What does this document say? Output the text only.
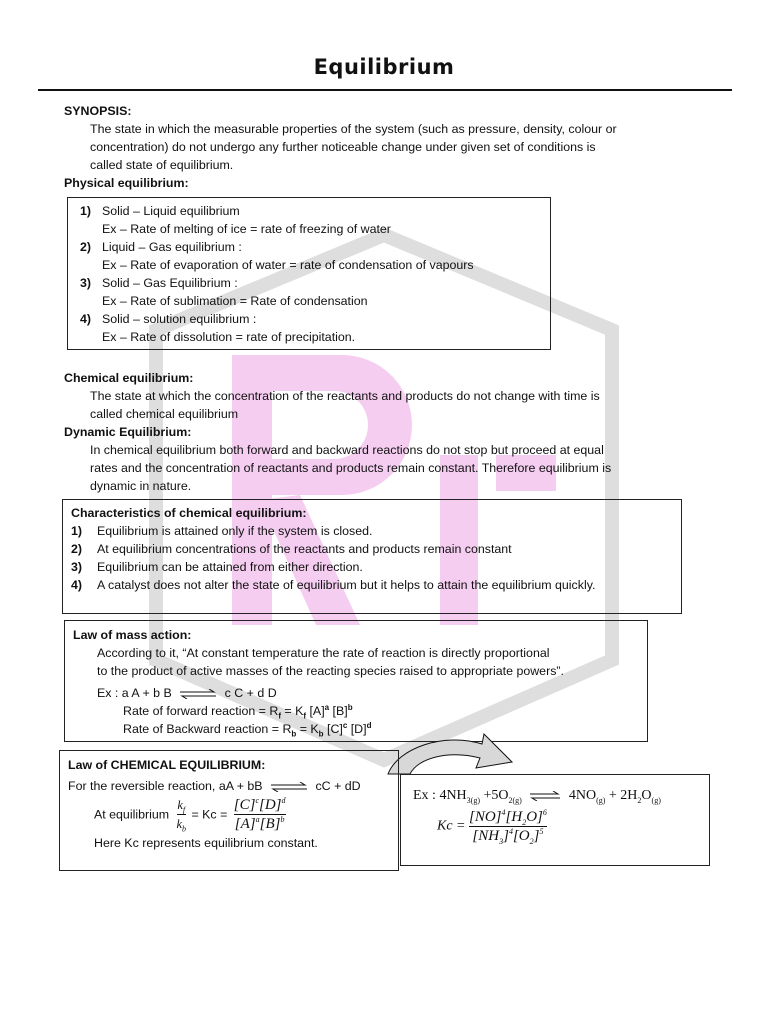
Equilibrium
SYNOPSIS:
The state in which the measurable properties of the system (such as pressure, density, colour or
concentration) do not undergo any further noticeable change under given set of conditions is
called state of equilibrium.
Physical equilibrium:
1) Solid – Liquid equilibrium
Ex – Rate of melting of ice = rate of freezing of water
2) Liquid – Gas equilibrium :
Ex – Rate of evaporation of water = rate of condensation of vapours
3) Solid – Gas Equilibrium :
Ex – Rate of sublimation = Rate of condensation
4) Solid – solution equilibrium :
Ex – Rate of dissolution = rate of precipitation.
Chemical equilibrium:
The state at which the concentration of the reactants and products do not change with time is
called chemical equilibrium
Dynamic Equilibrium:
In chemical equilibrium both forward and backward reactions do not stop but proceed at equal
rates and the concentration of reactants and products remain constant. Therefore equilibrium is
dynamic in nature.
Characteristics of chemical equilibrium:
1) Equilibrium is attained only if the system is closed.
2) At equilibrium concentrations of the reactants and products remain constant
3) Equilibrium can be attained from either direction.
4) A catalyst does not alter the state of equilibrium but it helps to attain the equilibrium quickly.
Law of mass action:
According to it, “At constant temperature the rate of reaction is directly proportional
to the product of active masses of the reacting species raised to appropriate powers”.
Ex : a A + b B ⇌ c C + d D
Rate of forward reaction = $R_f = K_f$ $[A]^a$ $[B]^b$
Rate of Backward reaction = $R_b = K_b$ $[C]^c$ $[D]^d$
Law of CHEMICAL EQUILIBRIUM:
For the reversible reaction, aA + bB ⇌ cC + dD
At equilibrium $\frac{k_f}{k_b} = Kc = \frac{[C]^c[D]^d}{[A]^a[B]^b}$
Here Kc represents equilibrium constant.
Ex : $4NH_{3(g)} +5O_{2(g)}$ ⇌ $4NO_{(g)} + 2H_2O_{(g)}$
$Kc = \frac{[NO]^4[H_2O]^6}{[NH_3]^4[O_2]^5}$
